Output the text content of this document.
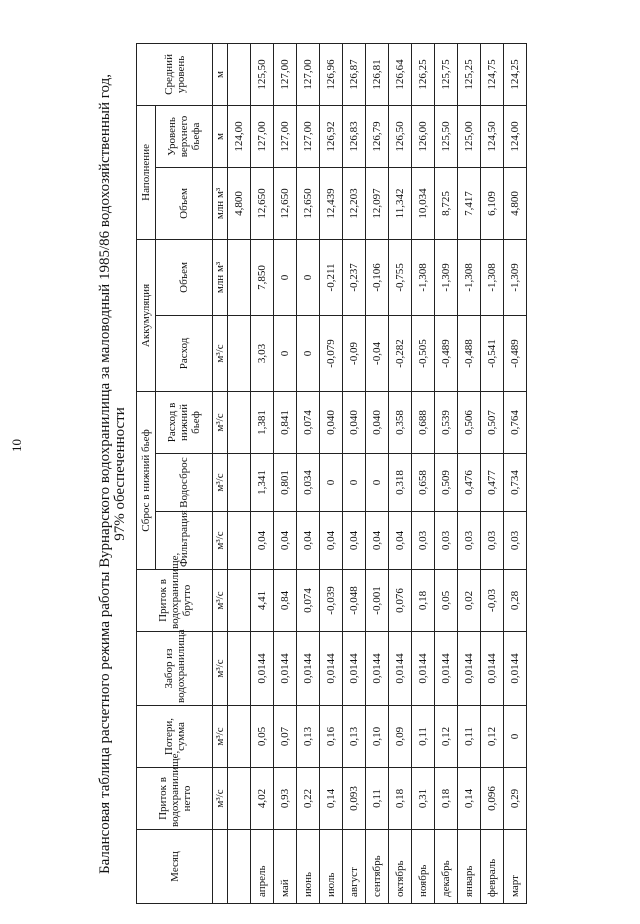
10	Балансовая таблица расчетного режима работы Вурнарского водохранилища за маловодный 1985/86 водохозяйственный год, 97% обеспеченности
Месяц	Приток в водохранилище, нетто	Потери, сумма	Забор из водохранилища	Приток в водохранилище, брутто	Сброс в нижний бьеф			Аккумуляция		Наполнение		Средний уровень
					Фильтрация	Водосброс	Расход в нижний бьеф	Расход	Объем	Объем	Уровень верхнего бьефа	
	м³/с	м³/с	м³/с	м³/с	м³/с	м³/с	м³/с	м³/с	млн м³	млн м³	м	м
										4,800	124,00	
апрель	4,02	0,05	0,0144	4,41	0,04	1,341	1,381	3,03	7,850	12,650	127,00	125,50
май	0,93	0,07	0,0144	0,84	0,04	0,801	0,841	0	0	12,650	127,00	127,00
июнь	0,22	0,13	0,0144	0,074	0,04	0,034	0,074	0	0	12,650	127,00	127,00
июль	0,14	0,16	0,0144	-0,039	0,04	0	0,040	-0,079	-0,211	12,439	126,92	126,96
август	0,093	0,13	0,0144	-0,048	0,04	0	0,040	-0,09	-0,237	12,203	126,83	126,87
сентябрь	0,11	0,10	0,0144	-0,001	0,04	0	0,040	-0,04	-0,106	12,097	126,79	126,81
октябрь	0,18	0,09	0,0144	0,076	0,04	0,318	0,358	-0,282	-0,755	11,342	126,50	126,64
ноябрь	0,31	0,11	0,0144	0,18	0,03	0,658	0,688	-0,505	-1,308	10,034	126,00	126,25
декабрь	0,18	0,12	0,0144	0,05	0,03	0,509	0,539	-0,489	-1,309	8,725	125,50	125,75
январь	0,14	0,11	0,0144	0,02	0,03	0,476	0,506	-0,488	-1,308	7,417	125,00	125,25
февраль	0,096	0,12	0,0144	-0,03	0,03	0,477	0,507	-0,541	-1,308	6,109	124,50	124,75
март	0,29	0	0,0144	0,28	0,03	0,734	0,764	-0,489	-1,309	4,800	124,00	124,25
